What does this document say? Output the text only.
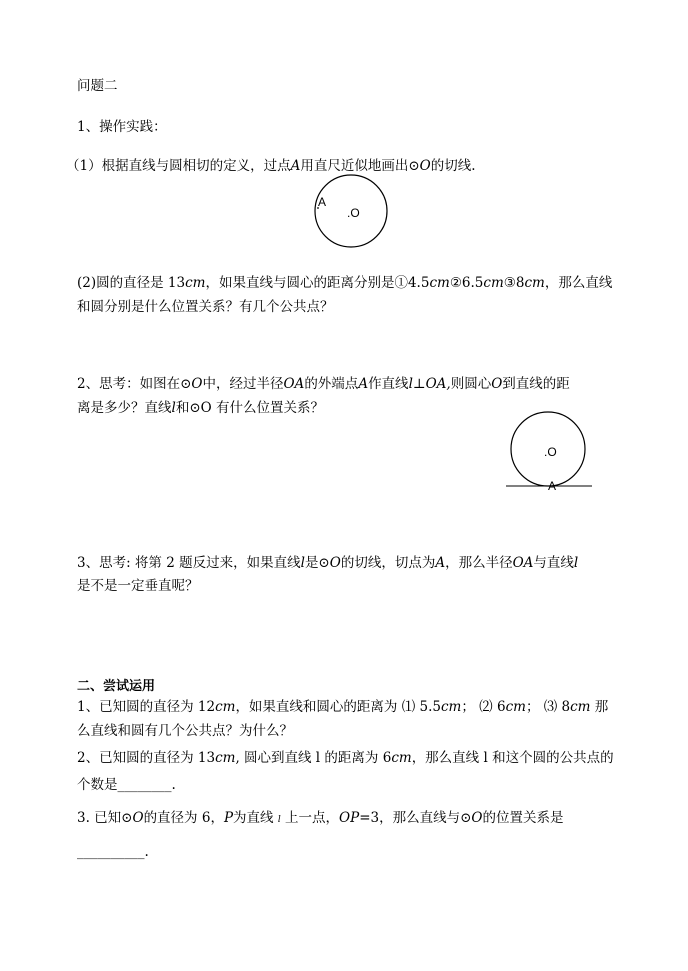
问题二
1、操作实践：
（1）根据直线与圆相切的定义，过点A用直尺近似地画出⊙O的切线.
A
.O
(2)圆的直径是 13cm，如果直线与圆心的距离分别是①4.5cm②6.5cm③8cm，那么直线
和圆分别是什么位置关系？有几个公共点？
2、思考：如图在⊙O中，经过半径OA的外端点A作直线l⊥OA,则圆心O到直线的距
离是多少？直线l和⊙O 有什么位置关系？
.O
A
3、思考: 将第 2 题反过来，如果直线l是⊙O的切线，切点为A，那么半径OA与直线l
是不是一定垂直呢？
二、尝试运用
1、已知圆的直径为 12cm，如果直线和圆心的距离为 ⑴ 5.5cm； ⑵ 6cm； ⑶ 8cm 那
么直线和圆有几个公共点？为什么？
2、已知圆的直径为 13cm, 圆心到直线 l 的距离为 6cm，那么直线 l 和这个圆的公共点的
个数是________.
3. 已知⊙O的直径为 6，P为直线 l 上一点，OP=3，那么直线与⊙O的位置关系是
__________.
